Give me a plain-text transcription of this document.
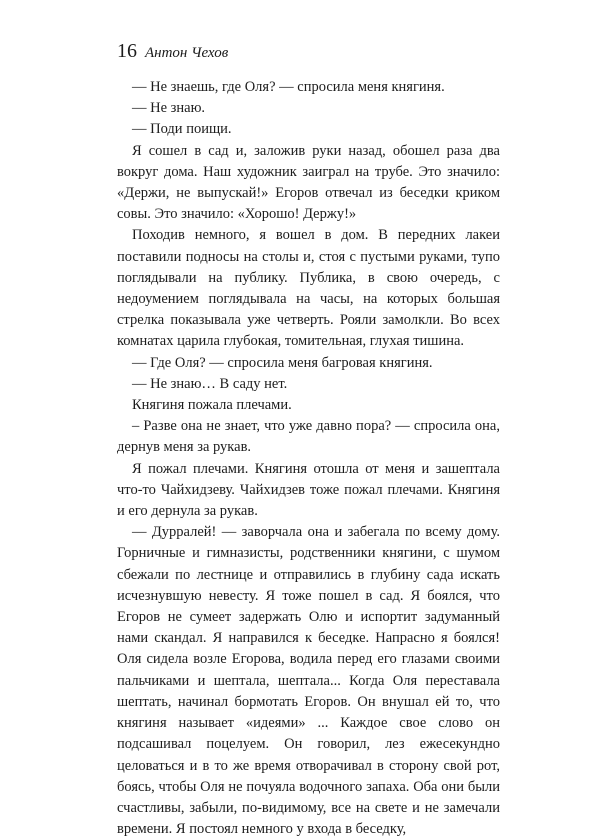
16 Антон Чехов

— Не знаешь, где Оля? — спросила меня княгиня.

— Не знаю.

— Поди поищи.

Я сошел в сад и, заложив руки назад, обошел раза два вокруг дома. Наш художник заиграл на трубе. Это значило: «Держи, не выпускай!» Егоров отвечал из беседки криком совы. Это значило: «Хорошо! Держу!»

Походив немного, я вошел в дом. В передних лакеи поставили подносы на столы и, стоя с пустыми руками, тупо поглядывали на публику. Публика, в свою очередь, с недоумением поглядывала на часы, на которых большая стрелка показывала уже четверть. Рояли замолкли. Во всех комнатах царила глубокая, томительная, глухая тишина.

— Где Оля? — спросила меня багровая княгиня.

— Не знаю… В саду нет.

Княгиня пожала плечами.

– Разве она не знает, что уже давно пора? — спросила она, дернув меня за рукав.

Я пожал плечами. Княгиня отошла от меня и зашептала что-то Чайхидзеву. Чайхидзев тоже пожал плечами. Княгиня и его дернула за рукав.

— Дурралей! — заворчала она и забегала по всему дому. Горничные и гимназисты, родственники княгини, с шумом сбежали по лестнице и отправились в глубину сада искать исчезнувшую невесту. Я тоже пошел в сад. Я боялся, что Егоров не сумеет задержать Олю и испортит задуманный нами скандал. Я направился к беседке. Напрасно я боялся! Оля сидела возле Егорова, водила перед его глазами своими пальчиками и шептала, шептала... Когда Оля переставала шептать, начинал бормотать Егоров. Он внушал ей то, что княгиня называет «идеями» ... Каждое свое слово он подсашивал поцелуем. Он говорил, лез ежесекундно целоваться и в то же время отворачивал в сторону свой рот, боясь, чтобы Оля не почуяла водочного запаха. Оба они были счастливы, забыли, по-видимому, все на свете и не замечали времени. Я постоял немного у входа в беседку,
